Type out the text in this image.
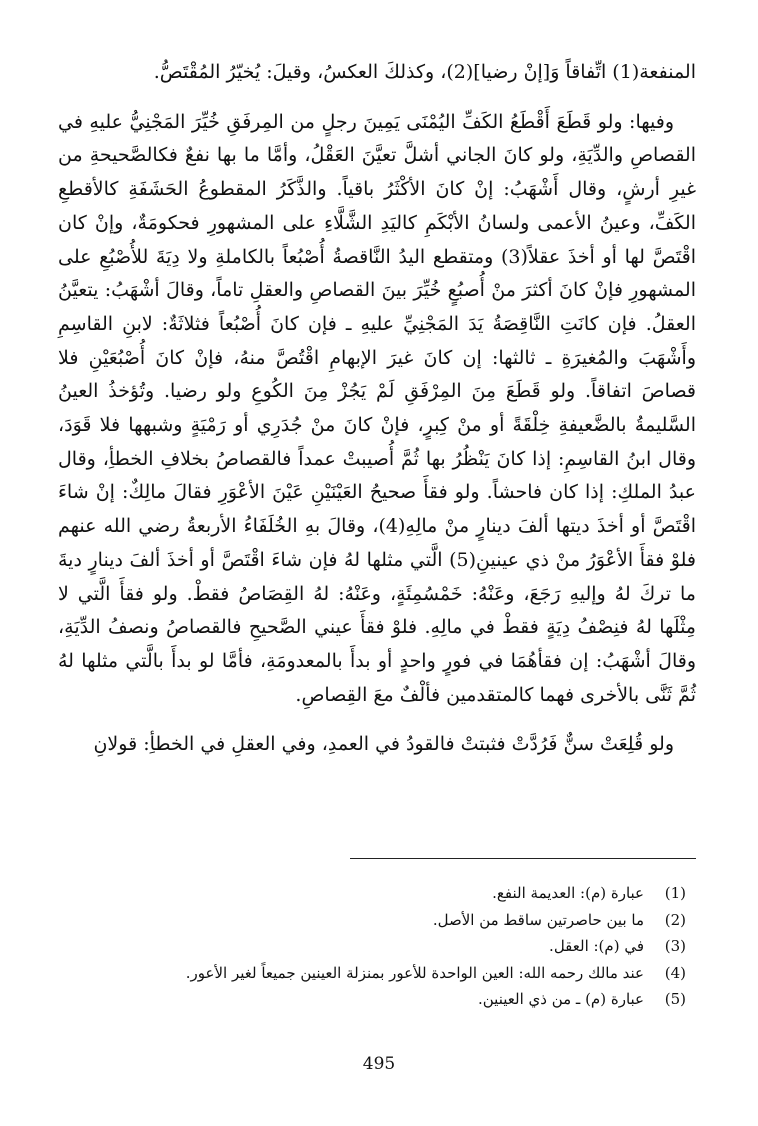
المنفعة(1) اتِّفاقاً وَ[إنْ رضيا](2)، وكذلكَ العكسُ، وقيلَ: يُخيّرُ المُقْتَصُّ.

وفيها: ولو قَطَعَ أَقْطَعُ الكَفِّ اليُمْنَى يَمِينَ رجلٍ من المِرفَقِ خُيِّرَ المَجْنِيُّ عليهِ في القصاصِ والدِّيَةِ، ولو كانَ الجاني أشلَّ تعيَّنَ العَقْلُ، وأمَّا ما بها نفعٌ فكالصَّحيحةِ من غيرِ أرشٍ، وقال أَشْهَبُ: إنْ كانَ الأكْثَرُ باقياً. والذَّكَرُ المقطوعُ الحَشَفَةِ كالأقطعِ الكَفِّ، وعينُ الأعمى ولسانُ الأبْكَمِ كاليَدِ الشَّلَّاءِ على المشهورِ فحكومَةٌ، وإنْ كان اقْتَصَّ لها أو أخذَ عقلاً(3) ومتقطع اليدُ النَّاقصةُ أُصْبُعاً بالكاملةِ ولا دِيَةَ للأُصْبُعِ على المشهورِ فإنْ كانَ أكثرَ منْ أُصبُعٍ خُيِّرَ بينَ القصاصِ والعقلِ تاماً، وقالَ أشْهَبُ: يتعيَّنُ العقلُ. فإن كانَتِ النَّاقِصَةُ يَدَ المَجْنِيِّ عليهِ ـ فإن كانَ أُصْبُعاً فثلاثَةٌ: لابنِ القاسِمِ وأَشْهَبَ والمُغيرَةِ ـ ثالثها: إن كانَ غيرَ الإبهامِ اقْتُصَّ منهُ، فإنْ كانَ أُصْبُعَيْنِ فلا قصاصَ اتفاقاً. ولو قَطَعَ مِنَ المِرْفَقِ لَمْ يَجُزْ مِنَ الكُوعِ ولو رضيا. وتُؤخذُ العينُ السَّليمةُ بالضَّعيفةِ خِلْقَةً أو منْ كِبرٍ، فإنْ كانَ منْ جُدَرِي أو رَمْيَةٍ وشبهها فلا قَوَدَ، وقال ابنُ القاسِمِ: إذا كانَ يَنْظُرُ بها ثُمَّ أُصيبتْ عمداً فالقصاصُ بخلافِ الخطأِ، وقال عبدُ الملكِ: إذا كان فاحشاً. ولو فقأَ صحيحُ العَيْنَيْنِ عَيْنَ الأعْوَرِ فقالَ مالِكٌ: إنْ شاءَ اقْتَصَّ أو أخذَ ديتها ألفَ دينارٍ منْ مالِهِ(4)، وقالَ بهِ الخُلَفَاءُ الأربعةُ رضي الله عنهم فلوْ فقأَ الأعْوَرُ منْ ذي عينينِ(5) الَّتي مثلها لهُ فإن شاءَ اقْتَصَّ أو أخذَ ألفَ دينارٍ ديةَ ما تركَ لهُ وإليهِ رَجَعَ، وعَنْهُ: خَمْسُمِئَةٍ، وعَنْهُ: لهُ القِصَاصُ فقطْ. ولو فقأَ الَّتي لا مِثْلَها لهُ فنِصْفُ دِيَةٍ فقطْ في مالِهِ. فلوْ فقأَ عيني الصَّحيحِ فالقصاصُ ونصفُ الدِّيَةِ، وقالَ أشْهَبُ: إن فقأهُمَا في فورٍ واحدٍ أو بدأَ بالمعدومَةِ، فأمَّا لو بدأَ بالَّتي مثلها لهُ ثُمَّ ثَنَّى بالأخرى فهما كالمتقدمين فألْفٌ معَ القِصاصِ.

ولو قُلِعَتْ سنٌّ فَرُدَّتْ فثبتتْ فالقودُ في العمدِ، وفي العقلِ في الخطأِ: قولانِ

(1)
عبارة (م): العديمة النفع.
(2)
ما بين حاصرتين ساقط من الأصل.
(3)
في (م): العقل.
(4)
عند مالك رحمه الله: العين الواحدة للأعور بمنزلة العينين جميعاً لغير الأعور.
(5)
عبارة (م) ـ من ذي العينين.
495
